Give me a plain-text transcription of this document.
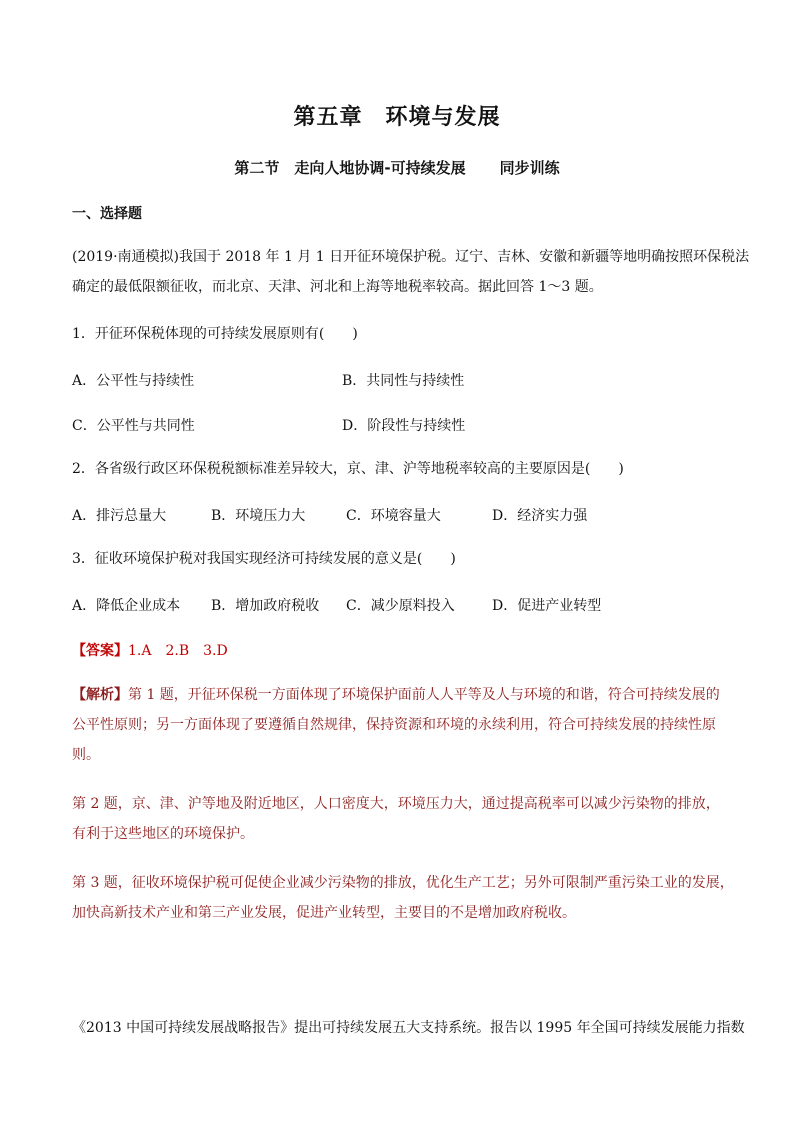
第五章　环境与发展
第二节　走向人地协调-可持续发展 同步训练
一、选择题
(2019·南通模拟)我国于 2018 年 1 月 1 日开征环境保护税。辽宁、吉林、安徽和新疆等地明确按照环保税法
确定的最低限额征收，而北京、天津、河北和上海等地税率较高。据此回答 1～3 题。
1．开征环保税体现的可持续发展原则有(　　)
A．公平性与持续性	B．共同性与持续性
C．公平性与共同性	D．阶段性与持续性
2．各省级行政区环保税税额标准差异较大，京、津、沪等地税率较高的主要原因是(　　)
A．排污总量大	B．环境压力大	C．环境容量大	D．经济实力强
3．征收环境保护税对我国实现经济可持续发展的意义是(　　)
A．降低企业成本 B．增加政府税收 C．减少原料投入	D．促进产业转型
【答案】1.A　2.B　3.D
【解析】第 1 题，开征环保税一方面体现了环境保护面前人人平等及人与环境的和谐，符合可持续发展的
公平性原则；另一方面体现了要遵循自然规律，保持资源和环境的永续利用，符合可持续发展的持续性原
则。
第 2 题，京、津、沪等地及附近地区，人口密度大，环境压力大，通过提高税率可以减少污染物的排放，
有利于这些地区的环境保护。
第 3 题，征收环境保护税可促使企业减少污染物的排放，优化生产工艺；另外可限制严重污染工业的发展，
加快高新技术产业和第三产业发展，促进产业转型，主要目的不是增加政府税收。
《2013 中国可持续发展战略报告》提出可持续发展五大支持系统。报告以 1995 年全国可持续发展能力指数
